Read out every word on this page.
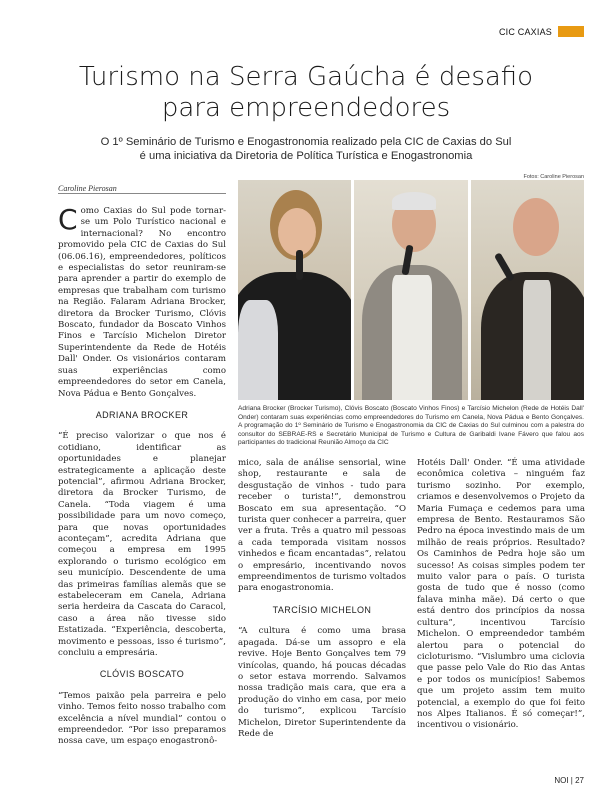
CIC CAXIAS
Turismo na Serra Gaúcha é desafio
para empreendedores
O 1º Seminário de Turismo e Enogastronomia realizado pela CIC de Caxias do Sul
é uma iniciativa da Diretoria de Política Turística e Enogastronomia
Caroline Pierosan
Fotos: Caroline Pierosan
Adriana Brocker (Brocker Turismo), Clóvis Boscato (Boscato Vinhos Finos) e Tarcísio Michelon (Rede de Hotéis Dall' Onder) contaram suas experiências como empreendedores do Turismo em Canela, Nova Pádua e Bento Gonçalves. A programação do 1º Seminário de Turismo e Enogastronomia da CIC de Caxias do Sul culminou com a palestra do consultor do SEBRAE-RS e Secretário Municipal de Turismo e Cultura de Garibaldi Ivane Fávero que falou aos participantes do tradicional Reunião Almoço da CIC

Como Caxias do Sul pode tornar-se um Polo Turístico nacional e internacional? No encontro promovido pela CIC de Caxias do Sul (06.06.16), empreendedores, políticos e especialistas do setor reuniram-se para aprender a partir do exemplo de empresas que trabalham com turismo na Região. Falaram Adriana Brocker, diretora da Brocker Turismo, Clóvis Boscato, fundador da Boscato Vinhos Finos e Tarcísio Michelon Diretor Superintendente da Rede de Hotéis Dall' Onder. Os visionários contaram suas experiências como empreendedores do setor em Canela, Nova Pádua e Bento Gonçalves.

ADRIANA BROCKER

“É preciso valorizar o que nos é cotidiano, identificar as oportunidades e planejar estrategicamente a aplicação deste potencial”, afirmou Adriana Brocker, diretora da Brocker Turismo, de Canela. “Toda viagem é uma possibilidade para um novo começo, para que novas oportunidades aconteçam”, acredita Adriana que começou a empresa em 1995 explorando o turismo ecológico em seu município. Descendente de uma das primeiras famílias alemãs que se estabeleceram em Canela, Adriana seria herdeira da Cascata do Caracol, caso a área não tivesse sido Estatizada. “Experiência, descoberta, movimento e pessoas, isso é turismo”, concluiu a empresária.

CLÓVIS BOSCATO

“Temos paixão pela parreira e pelo vinho. Temos feito nosso trabalho com excelência a nível mundial” contou o empreendedor. “Por isso preparamos nossa cave, um espaço enogastronô-

mico, sala de análise sensorial, wine shop, restaurante e sala de desgustação de vinhos - tudo para receber o turista!”, demonstrou Boscato em sua apresentação. “O turista quer conhecer a parreira, quer ver a fruta. Três a quatro mil pessoas a cada temporada visitam nossos vinhedos e ficam encantadas”, relatou o empresário, incentivando novos empreendimentos de turismo voltados para enogastronomia.

TARCÍSIO MICHELON

“A cultura é como uma brasa apagada. Dá-se um assopro e ela revive. Hoje Bento Gonçalves tem 79 vinícolas, quando, há poucas décadas o setor estava morrendo. Salvamos nossa tradição mais cara, que era a produção do vinho em casa, por meio do turismo”, explicou Tarcísio Michelon, Diretor Superintendente da Rede de

Hotéis Dall' Onder. “É uma atividade econômica coletiva – ninguém faz turismo sozinho. Por exemplo, criamos e desenvolvemos o Projeto da Maria Fumaça e cedemos para uma empresa de Bento. Restauramos São Pedro na época investindo mais de um milhão de reais próprios. Resultado? Os Caminhos de Pedra hoje são um sucesso! As coisas simples podem ter muito valor para o país. O turista gosta de tudo que é nosso (como falava minha mãe). Dá certo o que está dentro dos princípios da nossa cultura”, incentivou Tarcísio Michelon. O empreendedor também alertou para o potencial do cicloturismo. “Vislumbro uma ciclovia que passe pelo Vale do Rio das Antas e por todos os municípios! Sabemos que um projeto assim tem muito potencial, a exemplo do que foi feito nos Alpes Italianos. É só começar!”, incentivou o visionário.

NOI | 27
